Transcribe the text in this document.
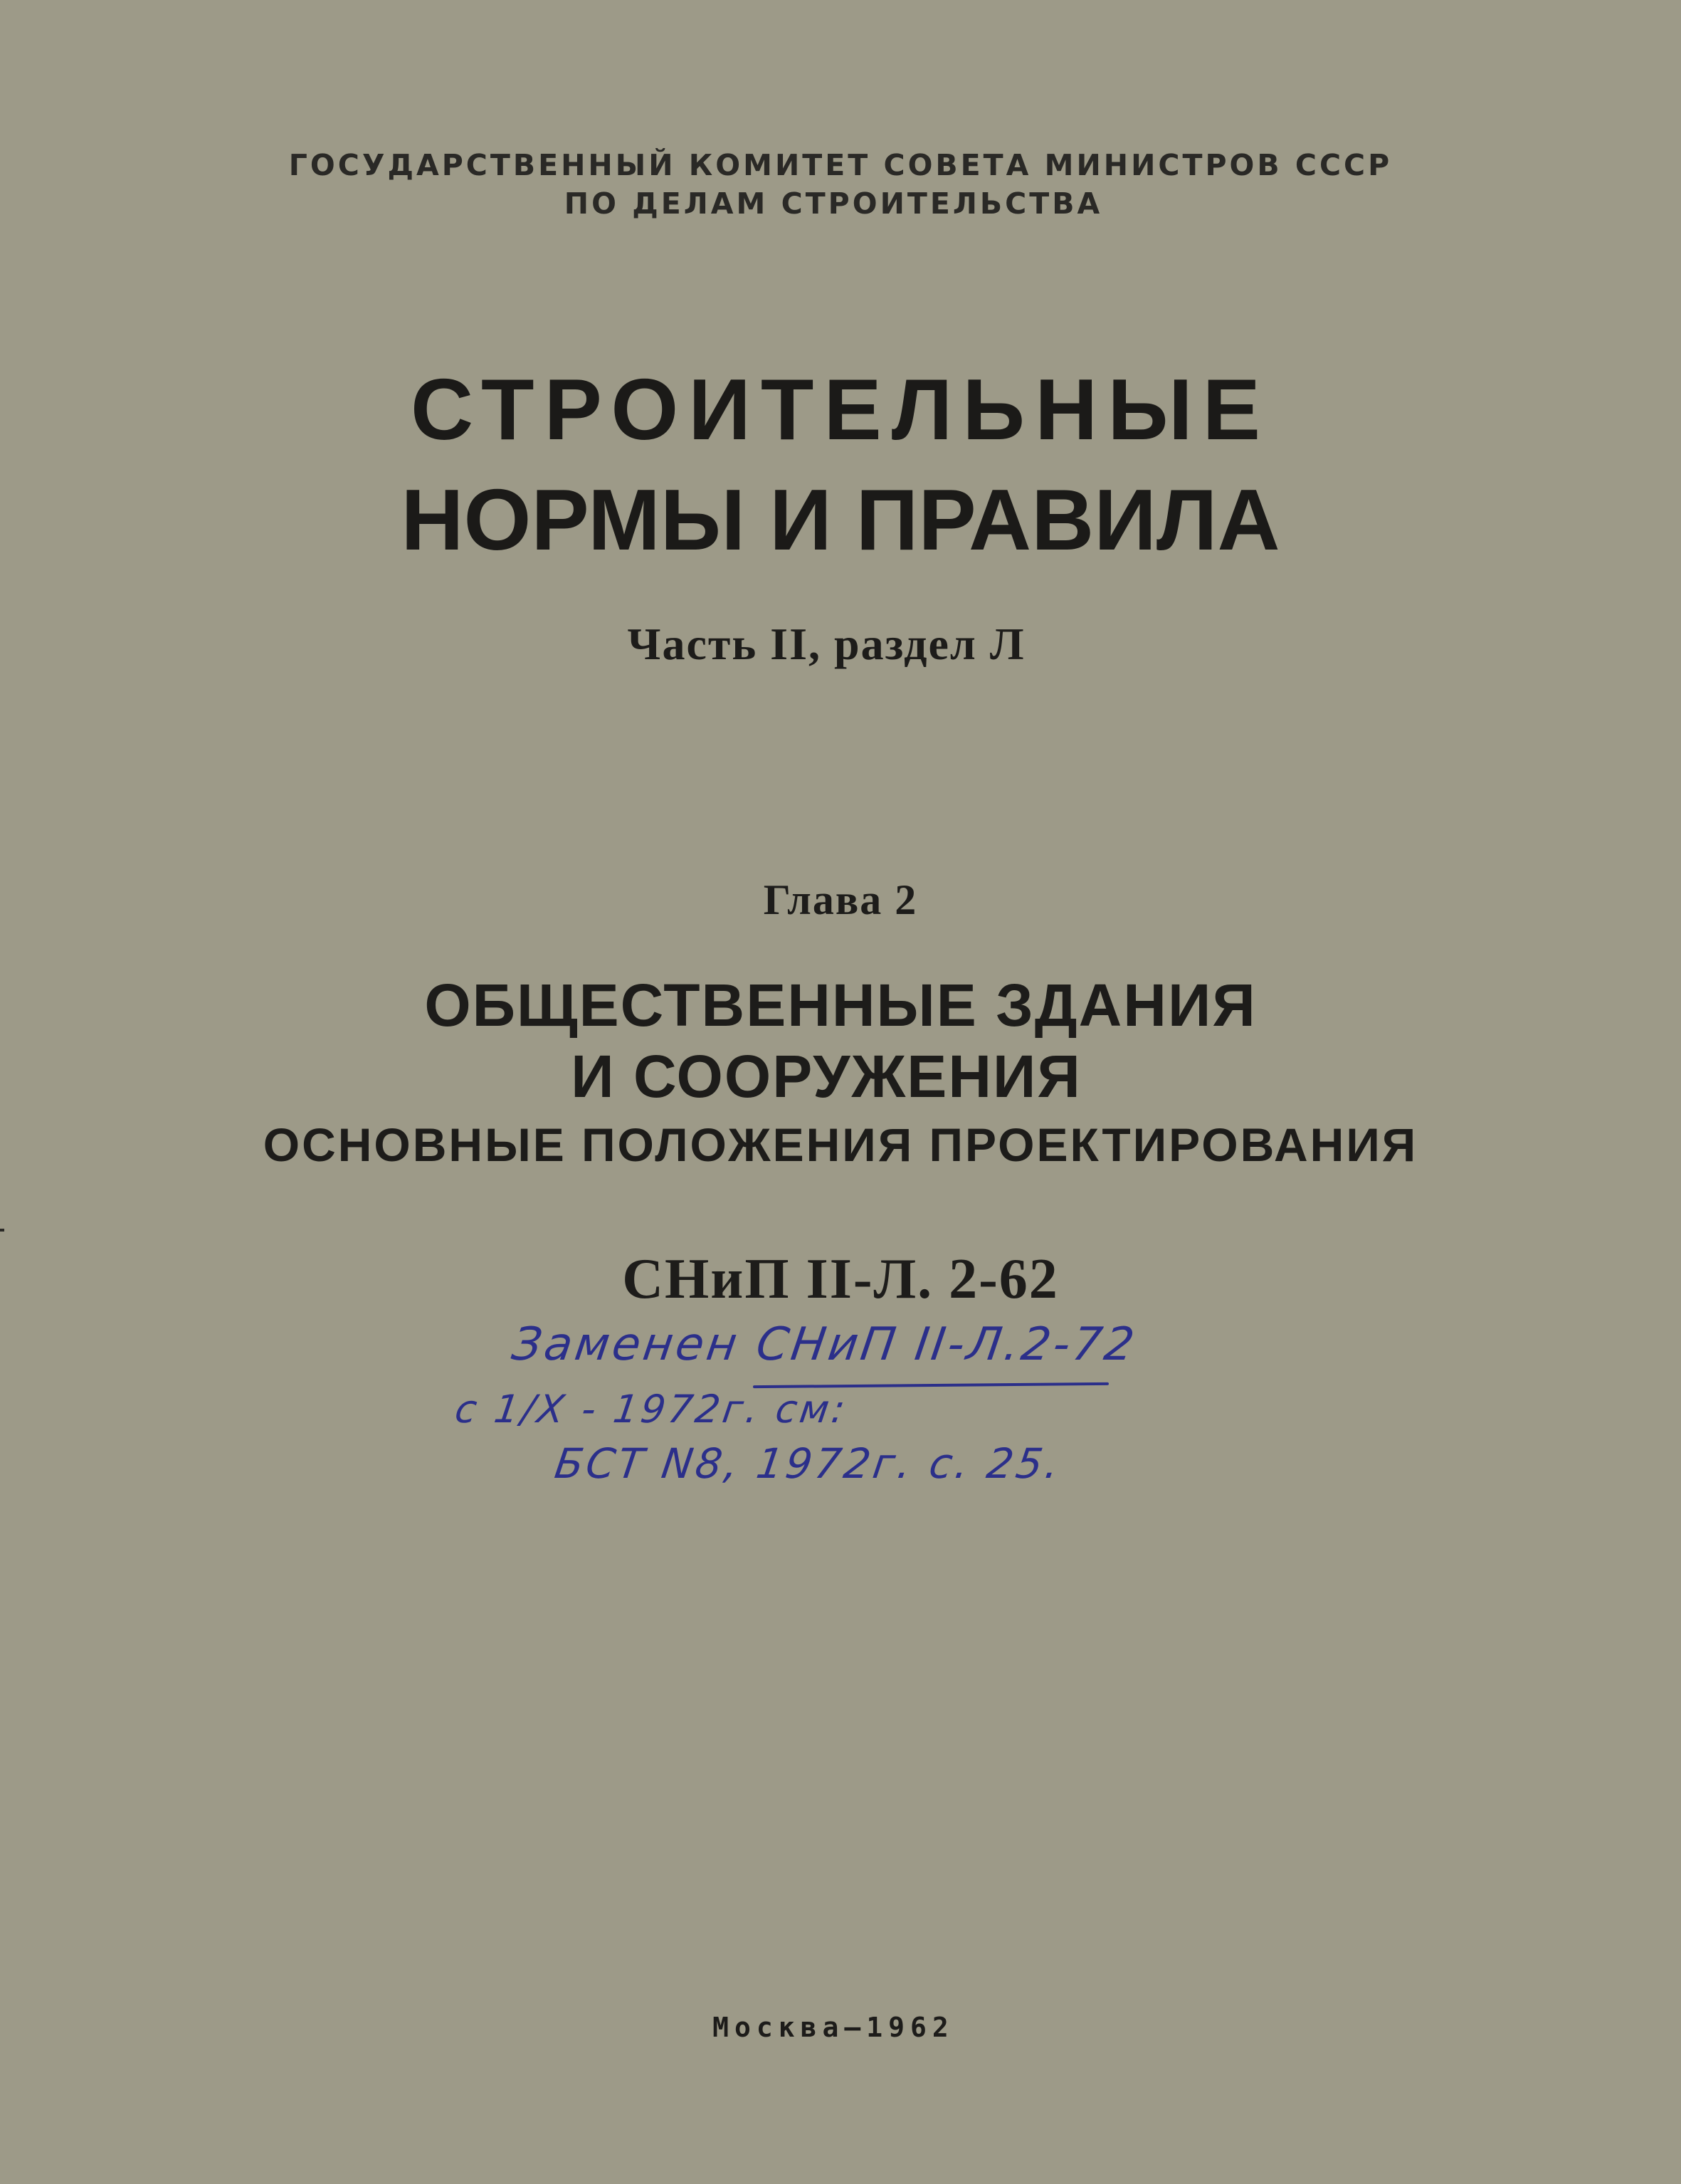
ГОСУДАРСТВЕННЫЙ КОМИТЕТ СОВЕТА МИНИСТРОВ СССР
ПО ДЕЛАМ СТРОИТЕЛЬСТВА
СТРОИТЕЛЬНЫЕ
НОРМЫ И ПРАВИЛА
Часть II, раздел Л
Глава 2
ОБЩЕСТВЕННЫЕ ЗДАНИЯ
И СООРУЖЕНИЯ
ОСНОВНЫЕ ПОЛОЖЕНИЯ ПРОЕКТИРОВАНИЯ
СНиП II-Л. 2-62
Заменен СНиП II-Л.2-72
с 1/X - 1972г. см:
БСТ N8, 1972г. с. 25.
Москва—1962
